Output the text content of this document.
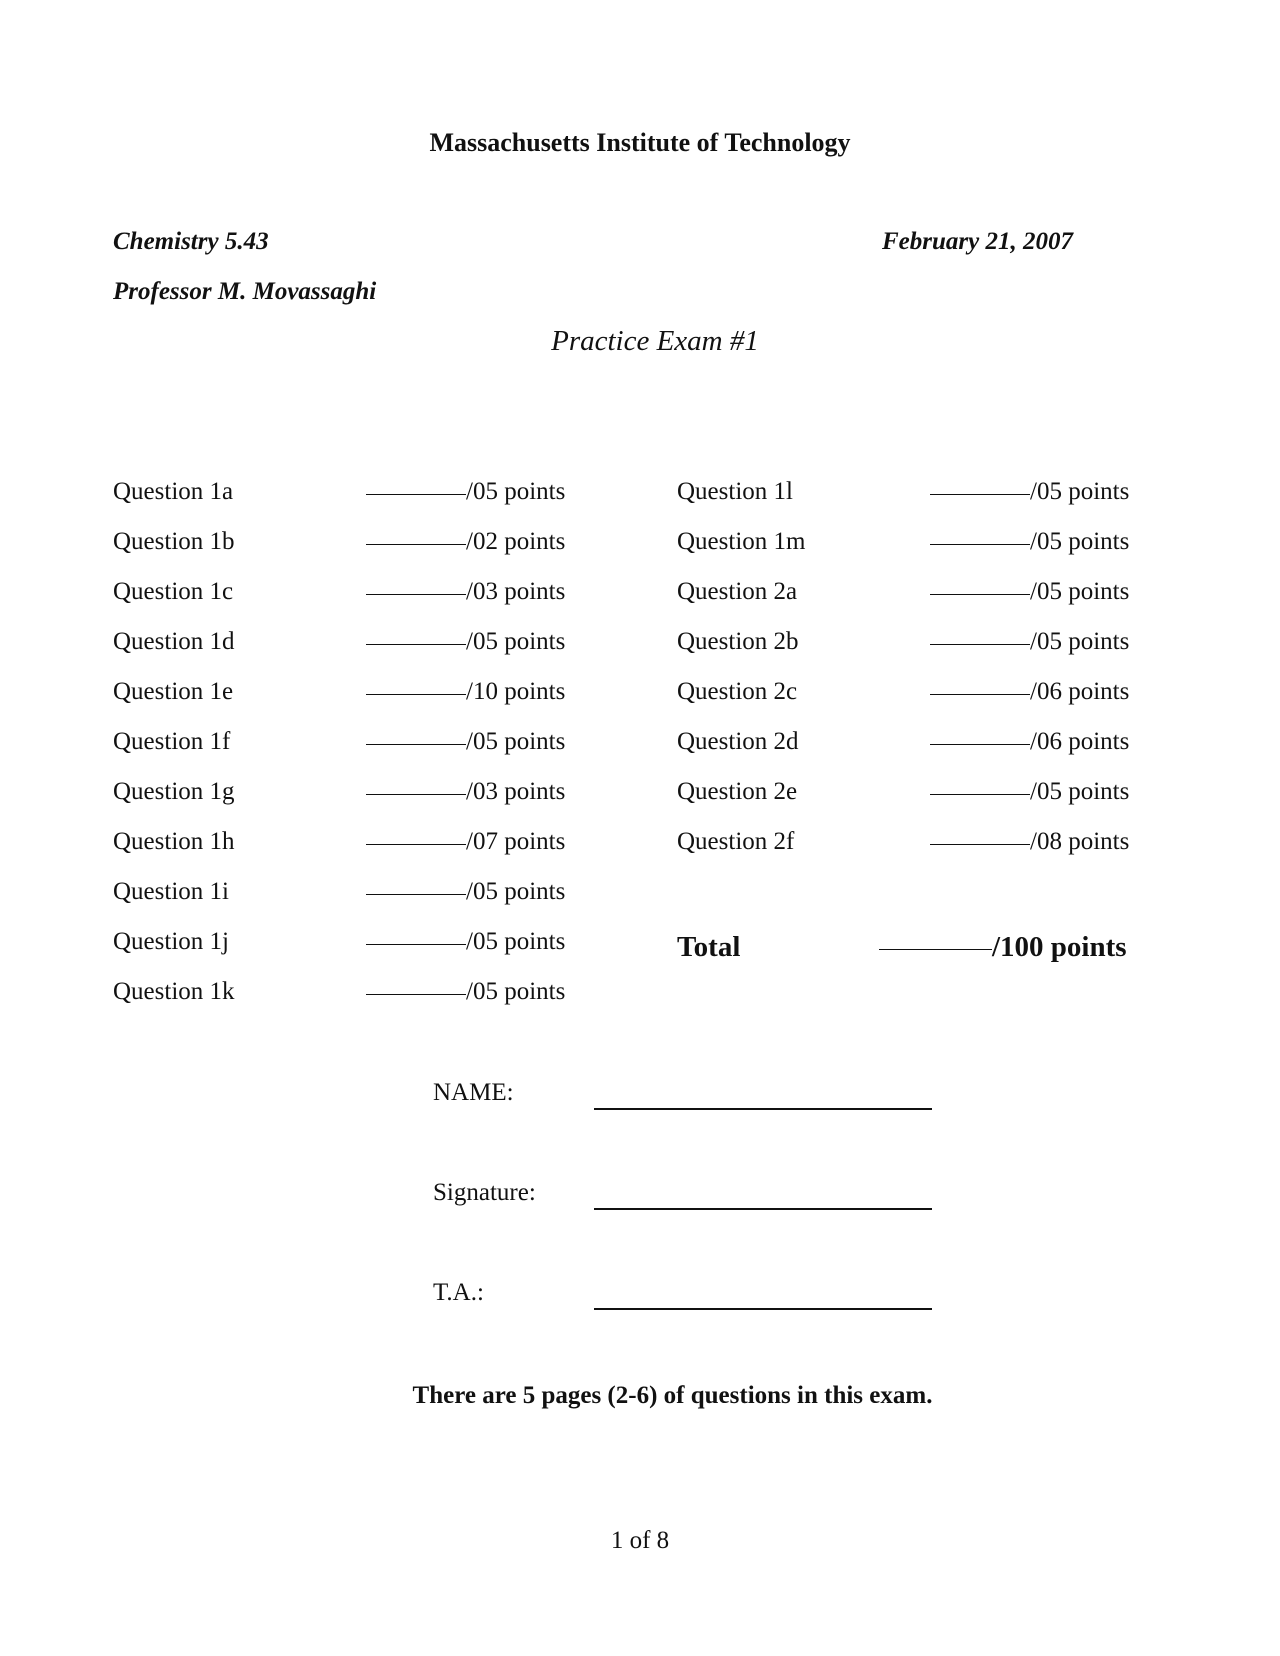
Massachusetts Institute of Technology
Chemistry 5.43	February 21, 2007
Professor M. Movassaghi
Practice Exam #1
Question 1a	/05 points
Question 1b	/02 points
Question 1c	/03 points
Question 1d	/05 points
Question 1e	/10 points
Question 1f	/05 points
Question 1g	/03 points
Question 1h	/07 points
Question 1i	/05 points
Question 1j	/05 points
Question 1k	/05 points
Question 1l	/05 points
Question 1m	/05 points
Question 2a	/05 points
Question 2b	/05 points
Question 2c	/06 points
Question 2d	/06 points
Question 2e	/05 points
Question 2f	/08 points
Total	/100 points
NAME:
Signature:
T.A.:
There are 5 pages (2-6) of questions in this exam.
1 of 8
